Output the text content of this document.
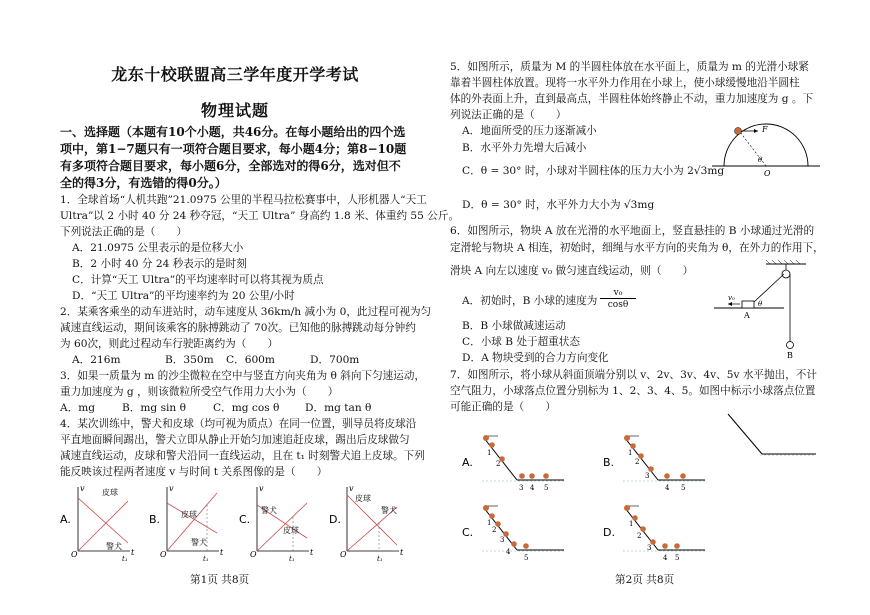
龙东十校联盟高三学年度开学考试
物理试题
一、选择题（本题有10个小题，共46分。在每小题给出的四个选
项中，第1−7题只有一项符合题目要求，每小题4分；第8−10题
有多项符合题目要求，每小题6分，全部选对的得6分，选对但不
全的得3分，有选错的得0分。）
1．全球首场“人机共跑”21.0975 公里的半程马拉松赛事中，人形机器人“天工
Ultra”以 2 小时 40 分 24 秒夺冠，“天工 Ultra” 身高约 1.8 米、体重约 55 公斤。
下列说法正确的是（　　）
A．21.0975 公里表示的是位移大小
B．2 小时 40 分 24 秒表示的是时刻
C．计算“天工 Ultra”的平均速率时可以将其视为质点
D．“天工 Ultra”的平均速率约为 20 公里/小时
2．某乘客乘坐的动车进站时，动车速度从 36km/h 减小为 0，此过程可视为匀
减速直线运动，期间该乘客的脉搏跳动了 70次。已知他的脉搏跳动每分钟约
为 60次，则此过程动车行驶距离约为（　　）
A．216m	B．350m C．600m	D．700m
3．如果一质量为 m 的沙尘微粒在空中与竖直方向夹角为 θ 斜向下匀速运动，
重力加速度为 g ，则该微粒所受空气作用力大小为（　　）
A．mg	B．mg sin θ	C．mg cos θ D．mg tan θ
4．某次训练中，警犬和皮球（均可视为质点）在同一位置，驯导员将皮球沿
平直地面瞬间踢出，警犬立即从静止开始匀加速追赶皮球，踢出后皮球做匀
减速直线运动，皮球和警犬沿同一直线运动，且在 t₁ 时刻警犬追上皮球。下列
能反映该过程两者速度 v 与时间 t 关系图像的是（　　）
A.
v
t
O
皮球
警犬
t₁
B.
v
t
O
皮球
警犬
t₁
C.
v
t
O
警犬
皮球
t₁
D.
v
t
O
皮球
警犬
t₁
第1页 共8页
5．如图所示，质量为 M 的半圆柱体放在水平面上，质量为 m 的光滑小球紧
靠着半圆柱体放置。现将一水平外力作用在小球上，使小球缓慢地沿半圆柱
体的外表面上升，直到最高点，半圆柱体始终静止不动，重力加速度为 g 。下
列说法正确的是（　　）
A．地面所受的压力逐渐减小
B．水平外力先增大后减小
C．θ = 30° 时，小球对半圆柱体的压力大小为 2√3mg
D．θ = 30° 时，水平外力大小为 √3mg
F
θ
O
6．如图所示，物块 A 放在光滑的水平地面上，竖直悬挂的 B 小球通过光滑的
定滑轮与物块 A 相连，初始时，细绳与水平方向的夹角为 θ，在外力的作用下，
滑块 A 向左以速度 v₀ 做匀速直线运动，则（　　）
A．初始时，B 小球的速度为
v₀
cosθ
B．B 小球做减速运动
C．小球 B 处于超重状态
D．A 物块受到的合力方向变化	B
v₀
θ
A
7．如图所示，将小球从斜面顶端分别以 v、2v、3v、4v、5v 水平抛出，不计
空气阻力，小球落点位置分别标为 1、2、3、4、5。如图中标示小球落点位置
可能正确的是（　　）
A.
1
2
3 4 5
B.
1
2
3
4 5
C.
1
2
3
4
5
D.
1
2
3
4 5
第2页 共8页
